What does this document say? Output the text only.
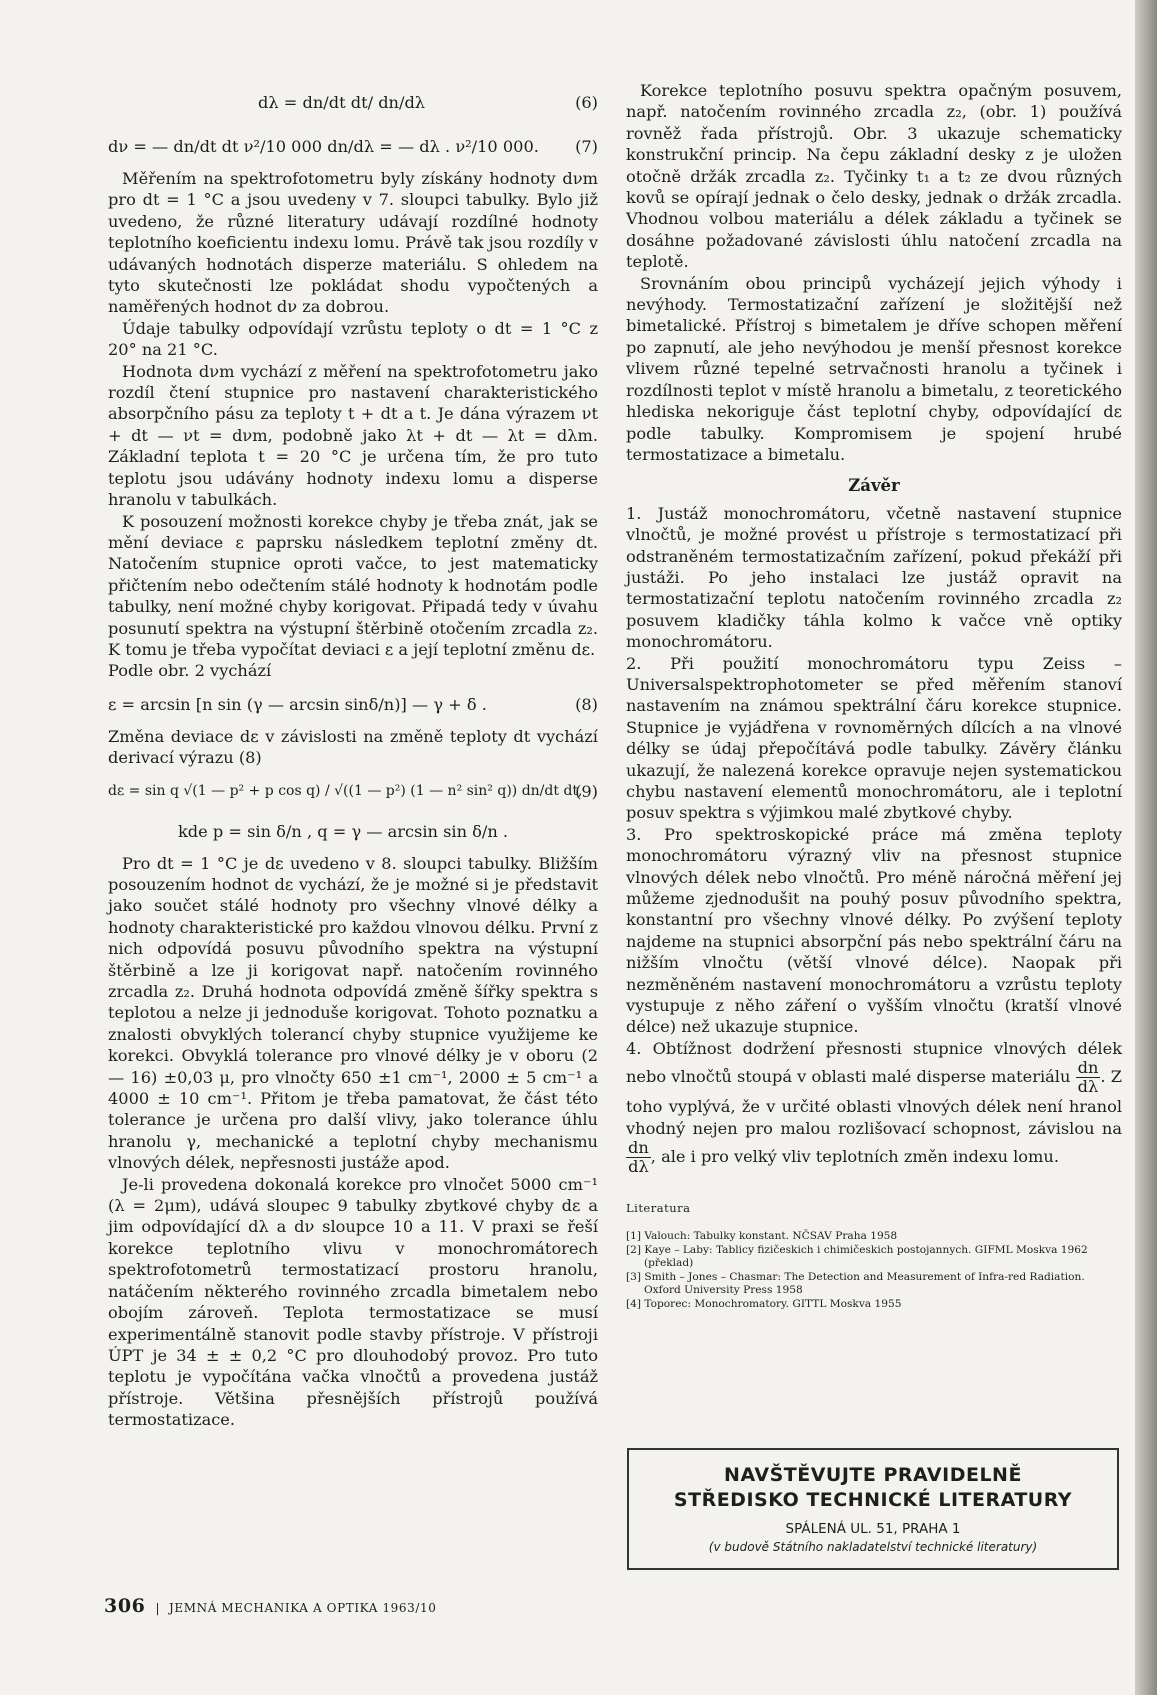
dλ = dn/dt dt/ dn/dλ	(6)
dν = — dn/dt dt ν²/10 000 dn/dλ = — dλ . ν²/10 000. (7)

Měřením na spektrofotometru byly získány hodnoty dνm pro dt = 1 °C a jsou uvedeny v 7. sloupci tabulky. Bylo již uvedeno, že různé literatury udávají rozdílné hodnoty teplotního koeficientu indexu lomu. Právě tak jsou rozdíly v udávaných hodnotách disperze materiálu. S ohledem na tyto skutečnosti lze pokládat shodu vypočtených a naměřených hodnot dν za dobrou.

Údaje tabulky odpovídají vzrůstu teploty o dt = 1 °C z 20° na 21 °C.

Hodnota dνm vychází z měření na spektrofotometru jako rozdíl čtení stupnice pro nastavení charakteristického absorpčního pásu za teploty t + dt a t. Je dána výrazem νt + dt — νt = dνm, podobně jako λt + dt — λt = dλm. Základní teplota t = 20 °C je určena tím, že pro tuto teplotu jsou udávány hodnoty indexu lomu a disperse hranolu v tabulkách.

K posouzení možnosti korekce chyby je třeba znát, jak se mění deviace ε paprsku následkem teplotní změny dt. Natočením stupnice oproti vačce, to jest matematicky přičtením nebo odečtením stálé hodnoty k hodnotám podle tabulky, není možné chyby korigovat. Připadá tedy v úvahu posunutí spektra na výstupní štěrbině otočením zrcadla z₂. K tomu je třeba vypočítat deviaci ε a její teplotní změnu dε.

Podle obr. 2 vychází

ε = arcsin [n sin (γ — arcsin sinδ/n)] — γ + δ .	(8)

Změna deviace dε v závislosti na změně teploty dt vychází derivací výrazu (8)

dε = sin q √(1 — p² + p cos q) / √((1 — p²) (1 — n² sin² q)) dn/dt dt,
(9)
kde p = sin δ/n , q = γ — arcsin sin δ/n .

Pro dt = 1 °C je dε uvedeno v 8. sloupci tabulky. Bližším posouzením hodnot dε vychází, že je možné si je představit jako součet stálé hodnoty pro všechny vlnové délky a hodnoty charakteristické pro každou vlnovou délku. První z nich odpovídá posuvu původního spektra na výstupní štěrbině a lze ji korigovat např. natočením rovinného zrcadla z₂. Druhá hodnota odpovídá změně šířky spektra s teplotou a nelze ji jednoduše korigovat. Tohoto poznatku a znalosti obvyklých tolerancí chyby stupnice využijeme ke korekci. Obvyklá tolerance pro vlnové délky je v oboru (2 — 16) ±0,03 μ, pro vlnočty 650 ±1 cm⁻¹, 2000 ± 5 cm⁻¹ a 4000 ± 10 cm⁻¹. Přitom je třeba pamatovat, že část této tolerance je určena pro další vlivy, jako tolerance úhlu hranolu γ, mechanické a teplotní chyby mechanismu vlnových délek, nepřesnosti justáže apod.

Je-li provedena dokonalá korekce pro vlnočet 5000 cm⁻¹ (λ = 2μm), udává sloupec 9 tabulky zbytkové chyby dε a jim odpovídající dλ a dν sloupce 10 a 11. V praxi se řeší korekce teplotního vlivu v monochromátorech spektrofotometrů termostatizací prostoru hranolu, natáčením některého rovinného zrcadla bimetalem nebo obojím zároveň. Teplota termostatizace se musí experimentálně stanovit podle stavby přístroje. V přístroji ÚPT je 34 ± ± 0,2 °C pro dlouhodobý provoz. Pro tuto teplotu je vypočítána vačka vlnočtů a provedena justáž přístroje. Většina přesnějších přístrojů používá termostatizace.

Korekce teplotního posuvu spektra opačným posuvem, např. natočením rovinného zrcadla z₂, (obr. 1) používá rovněž řada přístrojů. Obr. 3 ukazuje schematicky konstrukční princip. Na čepu základní desky z je uložen otočně držák zrcadla z₂. Tyčinky t₁ a t₂ ze dvou různých kovů se opírají jednak o čelo desky, jednak o držák zrcadla. Vhodnou volbou materiálu a délek základu a tyčinek se dosáhne požadované závislosti úhlu natočení zrcadla na teplotě.

Srovnáním obou principů vycházejí jejich výhody i nevýhody. Termostatizační zařízení je složitější než bimetalické. Přístroj s bimetalem je dříve schopen měření po zapnutí, ale jeho nevýhodou je menší přesnost korekce vlivem různé tepelné setrvačnosti hranolu a tyčinek i rozdílnosti teplot v místě hranolu a bimetalu, z teoretického hlediska nekoriguje část teplotní chyby, odpovídající dε podle tabulky. Kompromisem je spojení hrubé termostatizace a bimetalu.

Závěr

1. Justáž monochromátoru, včetně nastavení stupnice vlnočtů, je možné provést u přístroje s termostatizací při odstraněném termostatizačním zařízení, pokud překáží při justáži. Po jeho instalaci lze justáž opravit na termostatizační teplotu natočením rovinného zrcadla z₂ posuvem kladičky táhla kolmo k vačce vně optiky monochromátoru.

2. Při použití monochromátoru typu Zeiss – Universalspektrophotometer se před měřením stanoví nastavením na známou spektrální čáru korekce stupnice. Stupnice je vyjádřena v rovnoměrných dílcích a na vlnové délky se údaj přepočítává podle tabulky. Závěry článku ukazují, že nalezená korekce opravuje nejen systematickou chybu nastavení elementů monochromátoru, ale i teplotní posuv spektra s výjimkou malé zbytkové chyby.

3. Pro spektroskopické práce má změna teploty monochromátoru výrazný vliv na přesnost stupnice vlnových délek nebo vlnočtů. Pro méně náročná měření jej můžeme zjednodušit na pouhý posuv původního spektra, konstantní pro všechny vlnové délky. Po zvýšení teploty najdeme na stupnici absorpční pás nebo spektrální čáru na nižším vlnočtu (větší vlnové délce). Naopak při nezměněném nastavení monochromátoru a vzrůstu teploty vystupuje z něho záření o vyšším vlnočtu (kratší vlnové délce) než ukazuje stupnice.

4. Obtížnost dodržení přesnosti stupnice vlnových délek nebo vlnočtů stoupá v oblasti malé disperse materiálu $\frac{dn}{d\lambda}$ . Z toho vyplývá, že v určité oblasti vlnových délek není hranol vhodný nejen pro malou rozlišovací schopnost, závislou na
$\frac{dn}{d\lambda}$ , ale i pro velký vliv teplotních změn indexu lomu.

Literatura
[1] Valouch: Tabulky konstant. NČSAV Praha 1958
[2] Kaye – Laby: Tablicy fizičeskich i chimičeskich postojannych. GIFML Moskva 1962 (překlad)
[3] Smith – Jones – Chasmar: The Detection and Measurement of Infra-red Radiation. Oxford University Press 1958
[4] Toporec: Monochromatory. GITTL Moskva 1955
NAVŠTĚVUJTE PRAVIDELNĚ
STŘEDISKO TECHNICKÉ LITERATURY
SPÁLENÁ UL. 51, PRAHA 1
(v budově Státního nakladatelství technické literatury)
306 |  JEMNÁ MECHANIKA A OPTIKA 1963/10
